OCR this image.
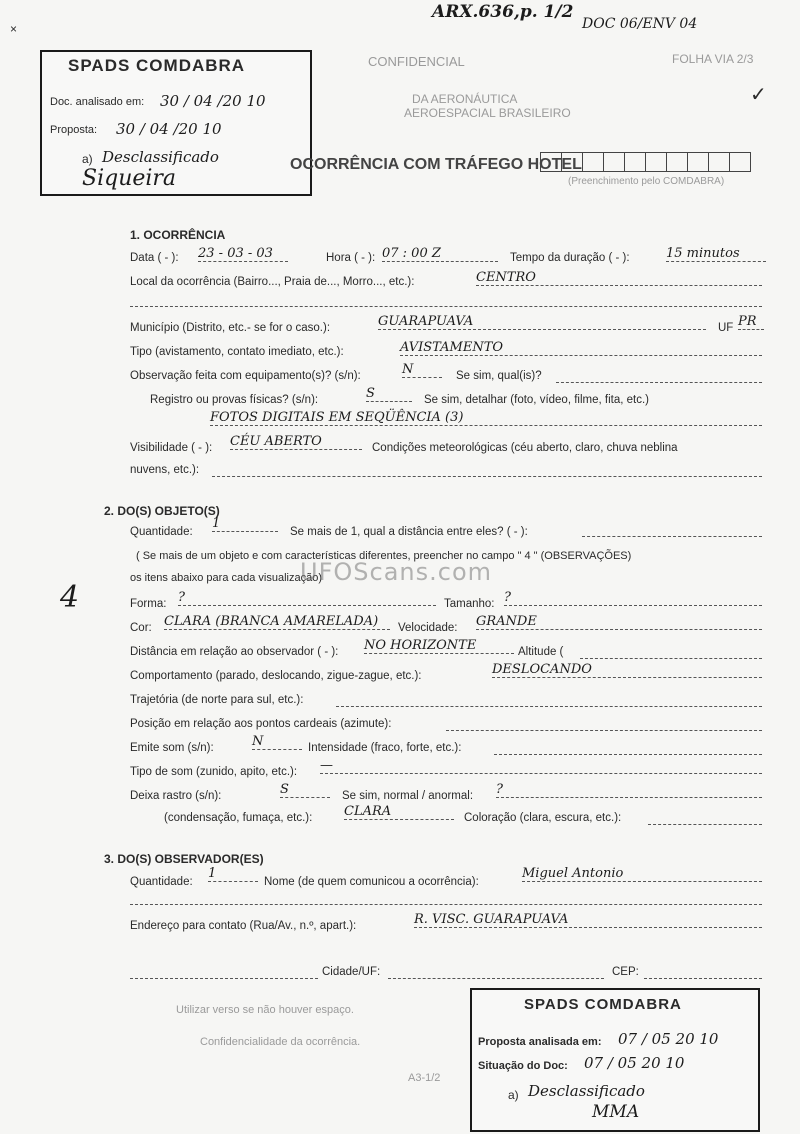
ARX.636,p. 1/2
DOC 06/ENV 04
CONFIDENCIAL	FOLHA VIA 2/3
✓
×
DA AERONÁUTICA
AEROESPACIAL BRASILEIRO
SPADS COMDABRA
Doc. analisado em: 30 / 04 /20 10
Proposta: 30 / 04 /20 10
a) Desclassificado
Siqueira
OCORRÊNCIA COM TRÁFEGO HOTEL
(Preenchimento pelo COMDABRA)
1. OCORRÊNCIA
Data ( - ): 23 - 03 - 03	Hora ( - ): 07 : 00 Z	Tempo da duração ( - ):	15 minutos
Local da ocorrência (Bairro..., Praia de..., Morro..., etc.):	CENTRO
Município (Distrito, etc.- se for o caso.):	GUARAPUAVA	UF PR
Tipo (avistamento, contato imediato, etc.):	AVISTAMENTO
Observação feita com equipamento(s)? (s/n):	N	Se sim, qual(is)?
Registro ou provas físicas? (s/n):	S	Se sim, detalhar (foto, vídeo, filme, fita, etc.)
FOTOS DIGITAIS EM SEQÜÊNCIA (3)
Visibilidade ( - ): CÉU ABERTO	Condições meteorológicas (céu aberto, claro, chuva neblina
nuvens, etc.):
2. DO(S) OBJETO(S)
Quantidade:
1
Se mais de 1, qual a distância entre eles? ( - ):
( Se mais de um objeto e com características diferentes, preencher no campo " 4 " (OBSERVAÇÕES)
os itens abaixo para cada visualização)
UFOScans.com
4	Forma: ?	Tamanho: ?
Cor: CLARA (BRANCA AMARELADA)	Velocidade: GRANDE
Distância em relação ao observador ( - ): NO HORIZONTE	Altitude (
Comportamento (parado, deslocando, zigue-zague, etc.):	DESLOCANDO
Trajetória (de norte para sul, etc.):
Posição em relação aos pontos cardeais (azimute):
Emite som (s/n):	N	Intensidade (fraco, forte, etc.):
Tipo de som (zunido, apito, etc.): —
Deixa rastro (s/n):	S	Se sim, normal / anormal: ?
(condensação, fumaça, etc.): CLARA	Coloração (clara, escura, etc.):
3. DO(S) OBSERVADOR(ES)
Quantidade:
1
Nome (de quem comunicou a ocorrência):
Miguel Antonio
Endereço para contato (Rua/Av., n.º, apart.):	R. VISC. GUARAPUAVA
Cidade/UF:	CEP:
Utilizar verso se não houver espaço.
Confidencialidade da ocorrência.
A3-1/2
SPADS COMDABRA
Proposta analisada em: 07 / 05 20 10
Situação do Doc: 07 / 05 20 10
a) Desclassificado
MMA
